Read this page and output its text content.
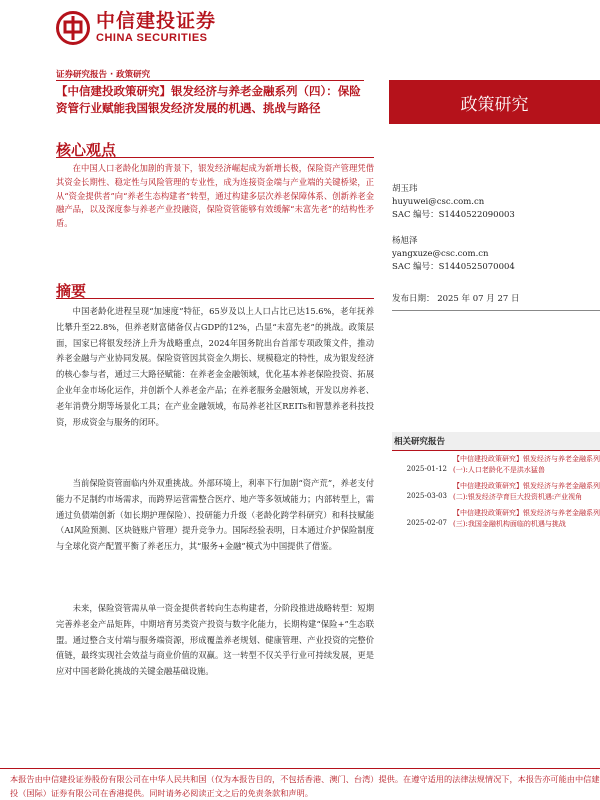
中信建投证券
CHINA SECURITIES
证券研究报告 · 政策研究
【中信建投政策研究】银发经济与养老金融系列（四）：保险资管行业赋能我国银发经济发展的机遇、挑战与路径	政策研究
核心观点

在中国人口老龄化加剧的背景下，银发经济崛起成为新增长极，保险资产管理凭借其资金长期性、稳定性与风险管理的专业性，成为连接资金端与产业端的关键桥梁，正从“资金提供者”向“养老生态构建者”转型，通过构建多层次养老保障体系、创新养老金融产品，以及深度参与养老产业投融资，保险资管能够有效缓解“未富先老”的结构性矛盾。

摘要

中国老龄化进程呈现“加速度”特征，65岁及以上人口占比已达15.6%，老年抚养比攀升至22.8%，但养老财富储备仅占GDP的12%，凸显“未富先老”的挑战。政策层面，国家已将银发经济上升为战略重点，2024年国务院出台首部专项政策文件，推动养老金融与产业协同发展。保险资管因其资金久期长、规模稳定的特性，成为银发经济的核心参与者，通过三大路径赋能：在养老金金融领域，优化基本养老保险投资、拓展企业年金市场化运作，并创新个人养老金产品；在养老服务金融领域，开发以房养老、老年消费分期等场景化工具；在产业金融领域，布局养老社区REITs和智慧养老科技投资，形成资金与服务的闭环。

当前保险资管面临内外双重挑战。外部环境上，利率下行加剧“资产荒”，养老支付能力不足制约市场需求，而跨界运营需整合医疗、地产等多领域能力；内部转型上，需通过负债端创新（如长期护理保险）、投研能力升级（老龄化跨学科研究）和科技赋能（AI风险预测、区块链账户管理）提升竞争力。国际经验表明，日本通过介护保险制度与全球化资产配置平衡了养老压力，其“服务+金融”模式为中国提供了借鉴。

未来，保险资管需从单一资金提供者转向生态构建者，分阶段推进战略转型：短期完善养老金产品矩阵，中期培育另类资产投资与数字化能力，长期构建“保险+”生态联盟。通过整合支付端与服务端资源，形成覆盖养老规划、健康管理、产业投资的完整价值链，最终实现社会效益与商业价值的双赢。这一转型不仅关乎行业可持续发展，更是应对中国老龄化挑战的关键金融基础设施。

胡玉玮
huyuwei@csc.com.cn
SAC 编号：S1440522090003
杨旭泽
yangxuze@csc.com.cn
SAC 编号：S1440525070004
发布日期： 2025 年 07 月 27 日
相关研究报告
2025-01-12
【中信建投政策研究】银发经济与养老金融系列(一):人口老龄化不是洪水猛兽
2025-03-03
【中信建投政策研究】银发经济与养老金融系列(二):银发经济孕育巨大投资机遇:产业视角
2025-02-07
【中信建投政策研究】银发经济与养老金融系列(三):我国金融机构面临的机遇与挑战
本报告由中信建投证券股份有限公司在中华人民共和国（仅为本报告目的，不包括香港、澳门、台湾）提供。在遵守适用的法律法规情况下，本报告亦可能由中信建投（国际）证券有限公司在香港提供。同时请务必阅读正文之后的免责条款和声明。
